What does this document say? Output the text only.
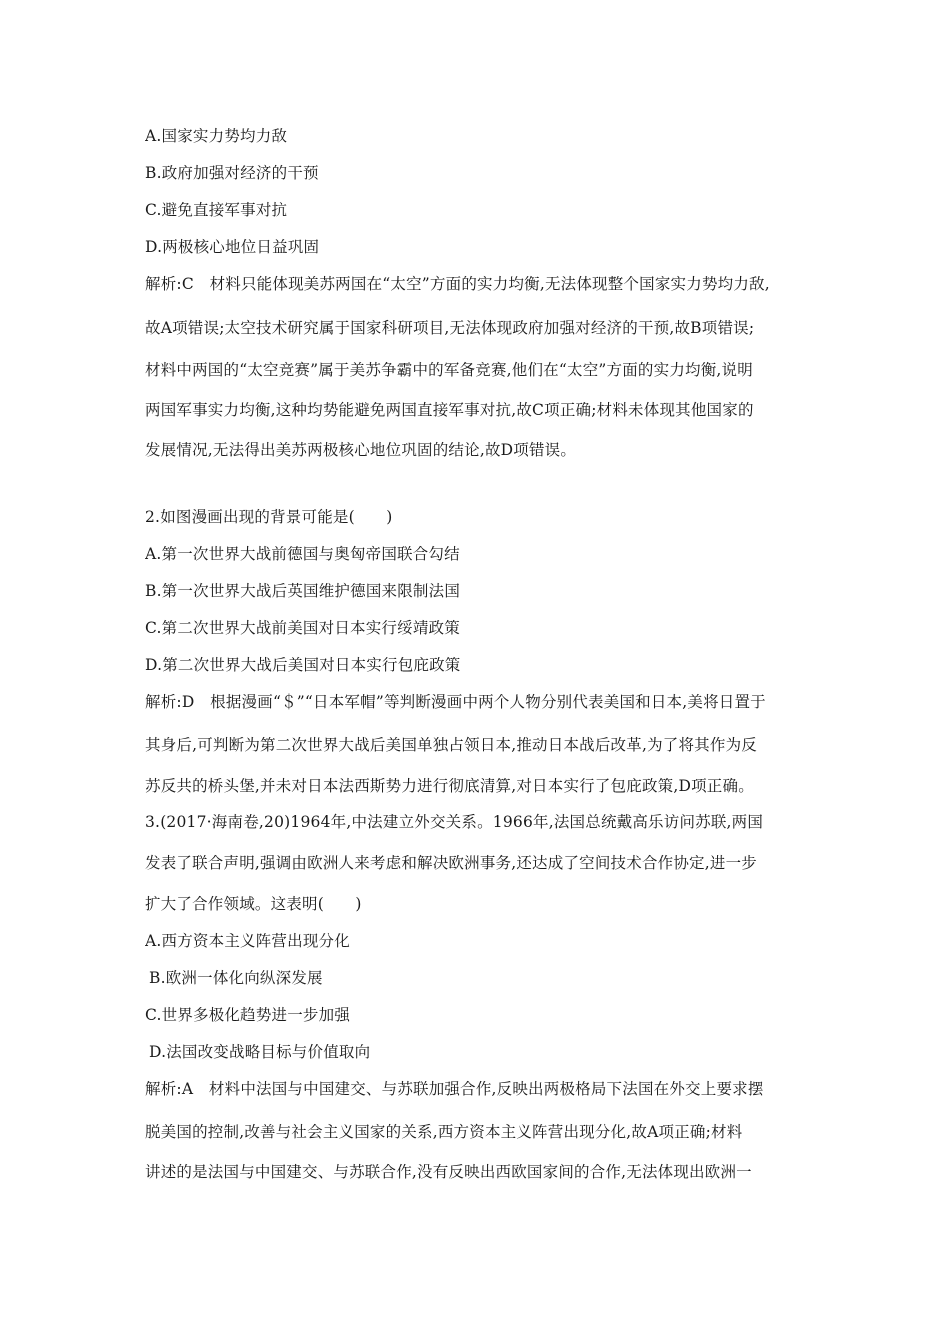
A.国家实力势均力敌
B.政府加强对经济的干预
C.避免直接军事对抗
D.两极核心地位日益巩固
解析:C　材料只能体现美苏两国在“太空”方面的实力均衡,无法体现整个国家实力势均力敌,
故A项错误;太空技术研究属于国家科研项目,无法体现政府加强对经济的干预,故B项错误;
材料中两国的“太空竞赛”属于美苏争霸中的军备竞赛,他们在“太空”方面的实力均衡,说明
两国军事实力均衡,这种均势能避免两国直接军事对抗,故C项正确;材料未体现其他国家的
发展情况,无法得出美苏两极核心地位巩固的结论,故D项错误。
2.如图漫画出现的背景可能是(　　)
A.第一次世界大战前德国与奥匈帝国联合勾结
B.第一次世界大战后英国维护德国来限制法国
C.第二次世界大战前美国对日本实行绥靖政策
D.第二次世界大战后美国对日本实行包庇政策
解析:D　根据漫画“＄”“日本军帽”等判断漫画中两个人物分别代表美国和日本,美将日置于
其身后,可判断为第二次世界大战后美国单独占领日本,推动日本战后改革,为了将其作为反
苏反共的桥头堡,并未对日本法西斯势力进行彻底清算,对日本实行了包庇政策,D项正确。
3.(2017·海南卷,20)1964年,中法建立外交关系。1966年,法国总统戴高乐访问苏联,两国
发表了联合声明,强调由欧洲人来考虑和解决欧洲事务,还达成了空间技术合作协定,进一步
扩大了合作领域。这表明(　　)
A.西方资本主义阵营出现分化
B.欧洲一体化向纵深发展
C.世界多极化趋势进一步加强
D.法国改变战略目标与价值取向
解析:A　材料中法国与中国建交、与苏联加强合作,反映出两极格局下法国在外交上要求摆
脱美国的控制,改善与社会主义国家的关系,西方资本主义阵营出现分化,故A项正确;材料
讲述的是法国与中国建交、与苏联合作,没有反映出西欧国家间的合作,无法体现出欧洲一
